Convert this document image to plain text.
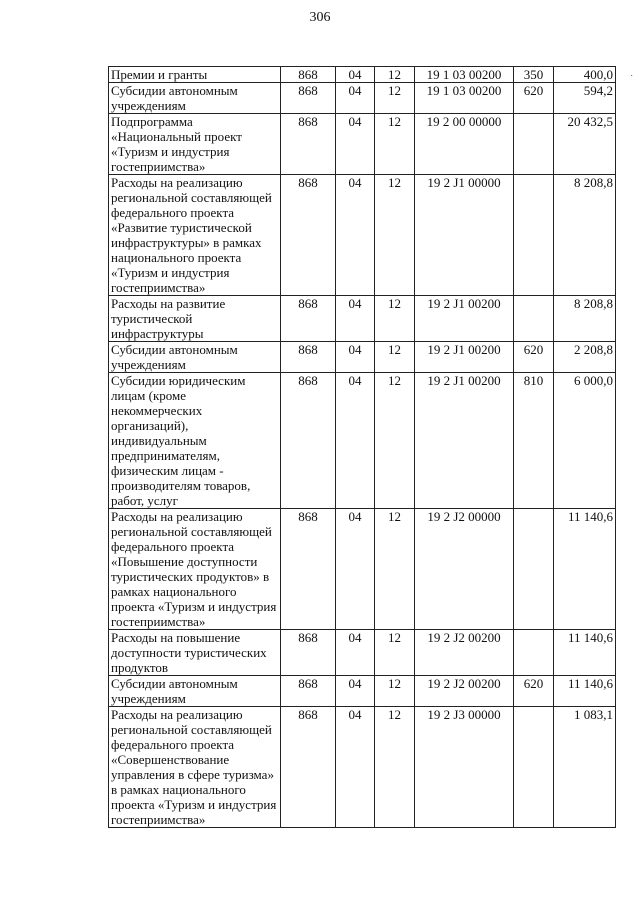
306
˙
Премии и гранты	868	04	12	19 1 03 00200	350	400,0
Субсидии автономным учреждениям	868	04	12	19 1 03 00200	620	594,2
Подпрограмма «Национальный проект «Туризм и индустрия гостеприимства»	868	04	12	19 2 00 00000		20 432,5
Расходы на реализацию региональной составляющей федерального проекта «Развитие туристической инфраструктуры» в рамках национального проекта «Туризм и индустрия гостеприимства»	868	04	12	19 2 J1 00000		8 208,8
Расходы на развитие туристической инфраструктуры	868	04	12	19 2 J1 00200		8 208,8
Субсидии автономным учреждениям	868	04	12	19 2 J1 00200	620	2 208,8
Субсидии юридическим лицам (кроме некоммерческих организаций), индивидуальным предпринимателям, физическим лицам - производителям товаров, работ, услуг	868	04	12	19 2 J1 00200	810	6 000,0
Расходы на реализацию региональной составляющей федерального проекта «Повышение доступности туристических продуктов» в рамках национального проекта «Туризм и индустрия гостеприимства»	868	04	12	19 2 J2 00000		11 140,6
Расходы на повышение доступности туристических продуктов	868	04	12	19 2 J2 00200		11 140,6
Субсидии автономным учреждениям	868	04	12	19 2 J2 00200	620	11 140,6
Расходы на реализацию региональной составляющей федерального проекта «Совершенствование управления в сфере туризма» в рамках национального проекта «Туризм и индустрия гостеприимства»	868	04	12	19 2 J3 00000		1 083,1
